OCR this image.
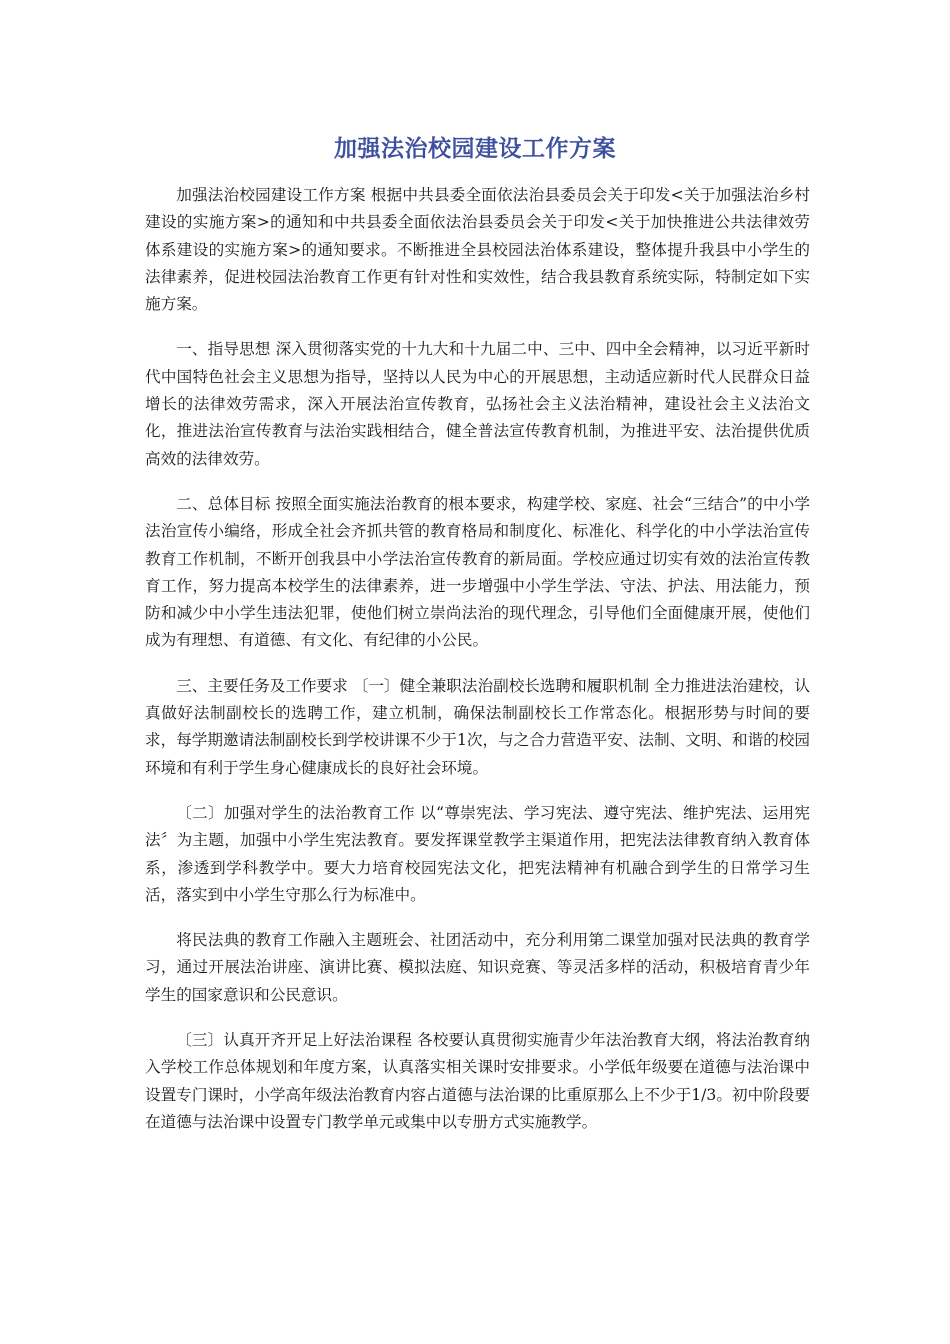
加强法治校园建设工作方案

加强法治校园建设工作方案 根据中共县委全面依法治县委员会关于印发<关于加强法治乡村建设的实施方案>的通知和中共县委全面依法治县委员会关于印发<关于加快推进公共法律效劳体系建设的实施方案>的通知要求。不断推进全县校园法治体系建设，整体提升我县中小学生的法律素养，促进校园法治教育工作更有针对性和实效性，结合我县教育系统实际，特制定如下实施方案。

一、指导思想 深入贯彻落实党的十九大和十九届二中、三中、四中全会精神，以习近平新时代中国特色社会主义思想为指导，坚持以人民为中心的开展思想，主动适应新时代人民群众日益增长的法律效劳需求，深入开展法治宣传教育，弘扬社会主义法治精神，建设社会主义法治文化，推进法治宣传教育与法治实践相结合，健全普法宣传教育机制，为推进平安、法治提供优质高效的法律效劳。

二、总体目标 按照全面实施法治教育的根本要求，构建学校、家庭、社会“三结合”的中小学法治宣传小编络，形成全社会齐抓共管的教育格局和制度化、标准化、科学化的中小学法治宣传教育工作机制，不断开创我县中小学法治宣传教育的新局面。学校应通过切实有效的法治宣传教育工作，努力提高本校学生的法律素养，进一步增强中小学生学法、守法、护法、用法能力，预防和减少中小学生违法犯罪，使他们树立崇尚法治的现代理念，引导他们全面健康开展，使他们成为有理想、有道德、有文化、有纪律的小公民。

三、主要任务及工作要求 〔一〕健全兼职法治副校长选聘和履职机制 全力推进法治建校，认真做好法制副校长的选聘工作，建立机制，确保法制副校长工作常态化。根据形势与时间的要求，每学期邀请法制副校长到学校讲课不少于1次，与之合力营造平安、法制、文明、和谐的校园环境和有利于学生身心健康成长的良好社会环境。

〔二〕加强对学生的法治教育工作 以“尊崇宪法、学习宪法、遵守宪法、维护宪法、运用宪法〞为主题，加强中小学生宪法教育。要发挥课堂教学主渠道作用，把宪法法律教育纳入教育体系，渗透到学科教学中。要大力培育校园宪法文化，把宪法精神有机融合到学生的日常学习生活，落实到中小学生守那么行为标准中。

将民法典的教育工作融入主题班会、社团活动中，充分利用第二课堂加强对民法典的教育学习，通过开展法治讲座、演讲比赛、模拟法庭、知识竞赛、等灵活多样的活动，积极培育青少年学生的国家意识和公民意识。

〔三〕认真开齐开足上好法治课程 各校要认真贯彻实施青少年法治教育大纲，将法治教育纳入学校工作总体规划和年度方案，认真落实相关课时安排要求。小学低年级要在道德与法治课中设置专门课时，小学高年级法治教育内容占道德与法治课的比重原那么上不少于1/3。初中阶段要在道德与法治课中设置专门教学单元或集中以专册方式实施教学。
